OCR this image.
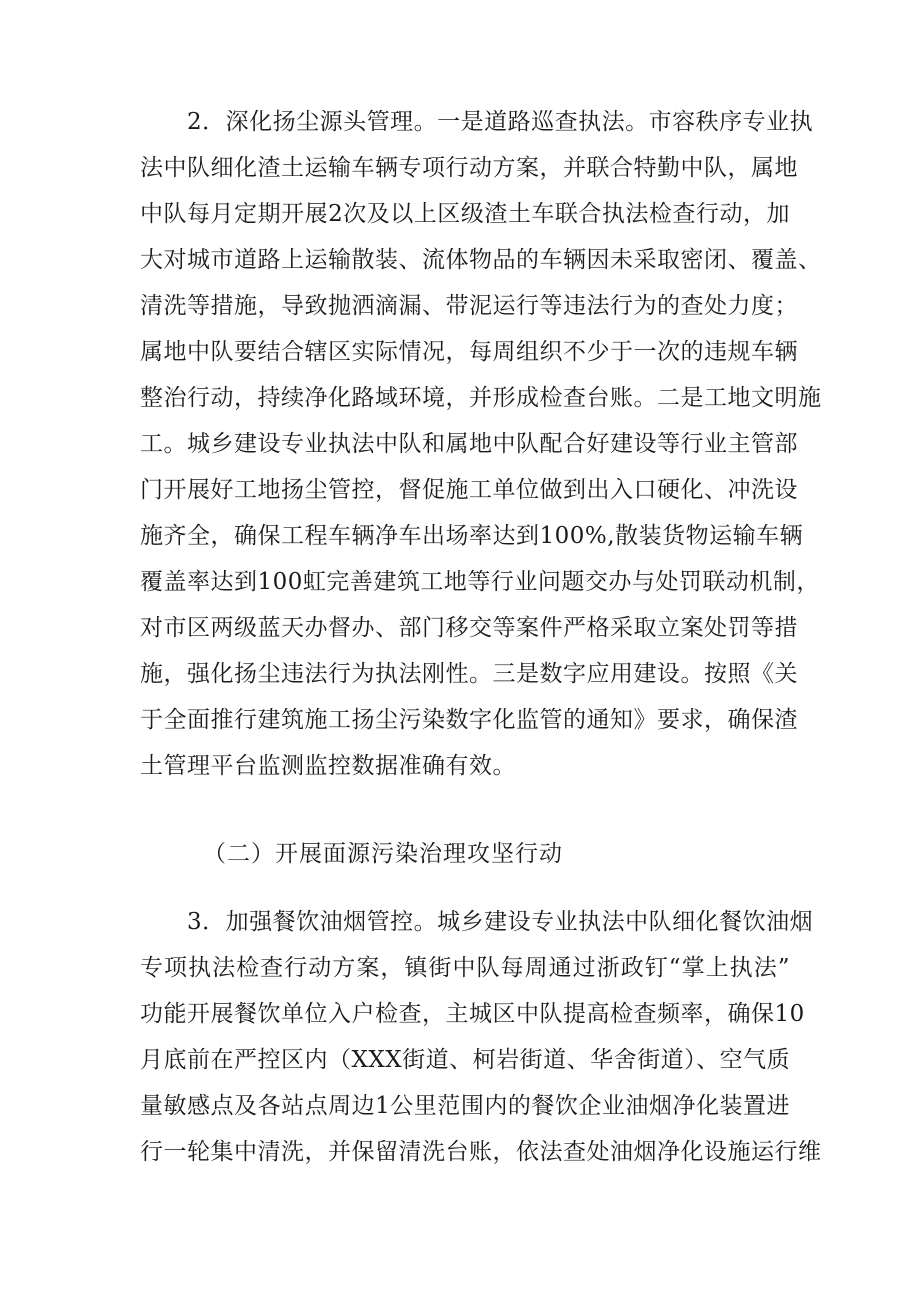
2．深化扬尘源头管理。一是道路巡查执法。市容秩序专业执
法中队细化渣土运输车辆专项行动方案，并联合特勤中队，属地
中队每月定期开展2次及以上区级渣土车联合执法检查行动，加
大对城市道路上运输散装、流体物品的车辆因未采取密闭、覆盖、
清洗等措施，导致抛洒滴漏、带泥运行等违法行为的查处力度；
属地中队要结合辖区实际情况，每周组织不少于一次的违规车辆
整治行动，持续净化路域环境，并形成检查台账。二是工地文明施
工。城乡建设专业执法中队和属地中队配合好建设等行业主管部
门开展好工地扬尘管控，督促施工单位做到出入口硬化、冲洗设
施齐全，确保工程车辆净车出场率达到100%,散装货物运输车辆
覆盖率达到100虹完善建筑工地等行业问题交办与处罚联动机制，
对市区两级蓝天办督办、部门移交等案件严格采取立案处罚等措
施，强化扬尘违法行为执法刚性。三是数字应用建设。按照《关
于全面推行建筑施工扬尘污染数字化监管的通知》要求，确保渣
土管理平台监测监控数据准确有效。
（二）开展面源污染治理攻坚行动
3．加强餐饮油烟管控。城乡建设专业执法中队细化餐饮油烟
专项执法检查行动方案，镇街中队每周通过浙政钉“掌上执法”
功能开展餐饮单位入户检查，主城区中队提高检查频率，确保10
月底前在严控区内（XXX街道、柯岩街道、华舍街道）、空气质
量敏感点及各站点周边1公里范围内的餐饮企业油烟净化装置进
行一轮集中清洗，并保留清洗台账，依法查处油烟净化设施运行维
